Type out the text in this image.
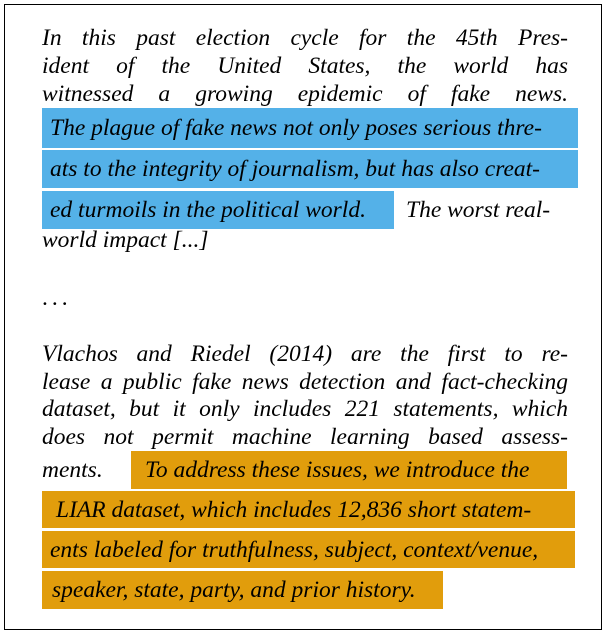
In this past election cycle for the 45th Pres-
ident of the United States, the world has
witnessed a growing epidemic of fake news.
The plague of fake news not only poses serious thre-
ats to the integrity of journalism, but has also creat-
ed turmoils in the political world. The worst real-
world impact [...]
...
Vlachos and Riedel (2014) are the first to re-
lease a public fake news detection and fact-checking
dataset, but it only includes 221 statements, which
does not permit machine learning based assess-
ments. To address these issues, we introduce the
LIAR dataset, which includes 12,836 short statem-
ents labeled for truthfulness, subject, context/venue,
speaker, state, party, and prior history.
